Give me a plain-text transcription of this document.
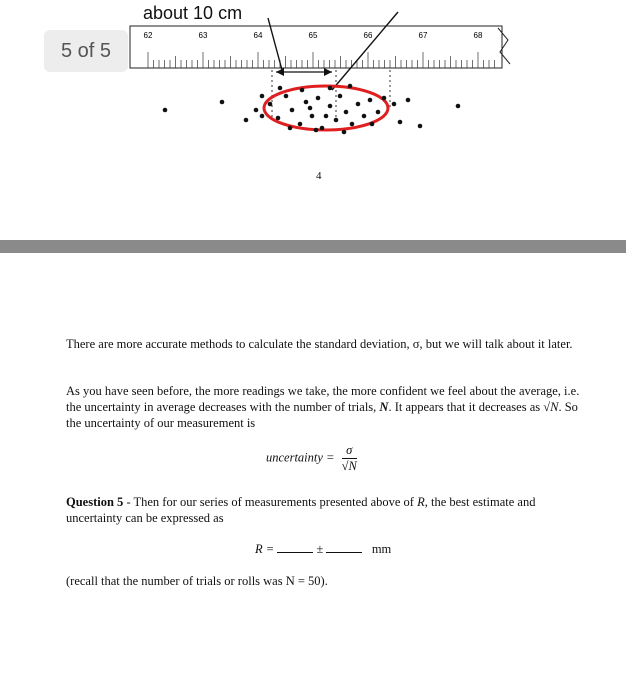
62	63	64	65	66	67	68
5 of 5
about 10 cm
4
There are more accurate methods to calculate the standard deviation, σ, but we will talk about it later.
As you have seen before, the more readings we take, the more confident we feel about the average, i.e. the uncertainty in average decreases with the number of trials, N. It appears that it decreases as √N. So the uncertainty of our measurement is
uncertainty = $\frac{\sigma}{√N}$
Question 5 - Then for our series of measurements presented above of R, the best estimate and uncertainty can be expressed as
R =	±	mm
(recall that the number of trials or rolls was N = 50).
